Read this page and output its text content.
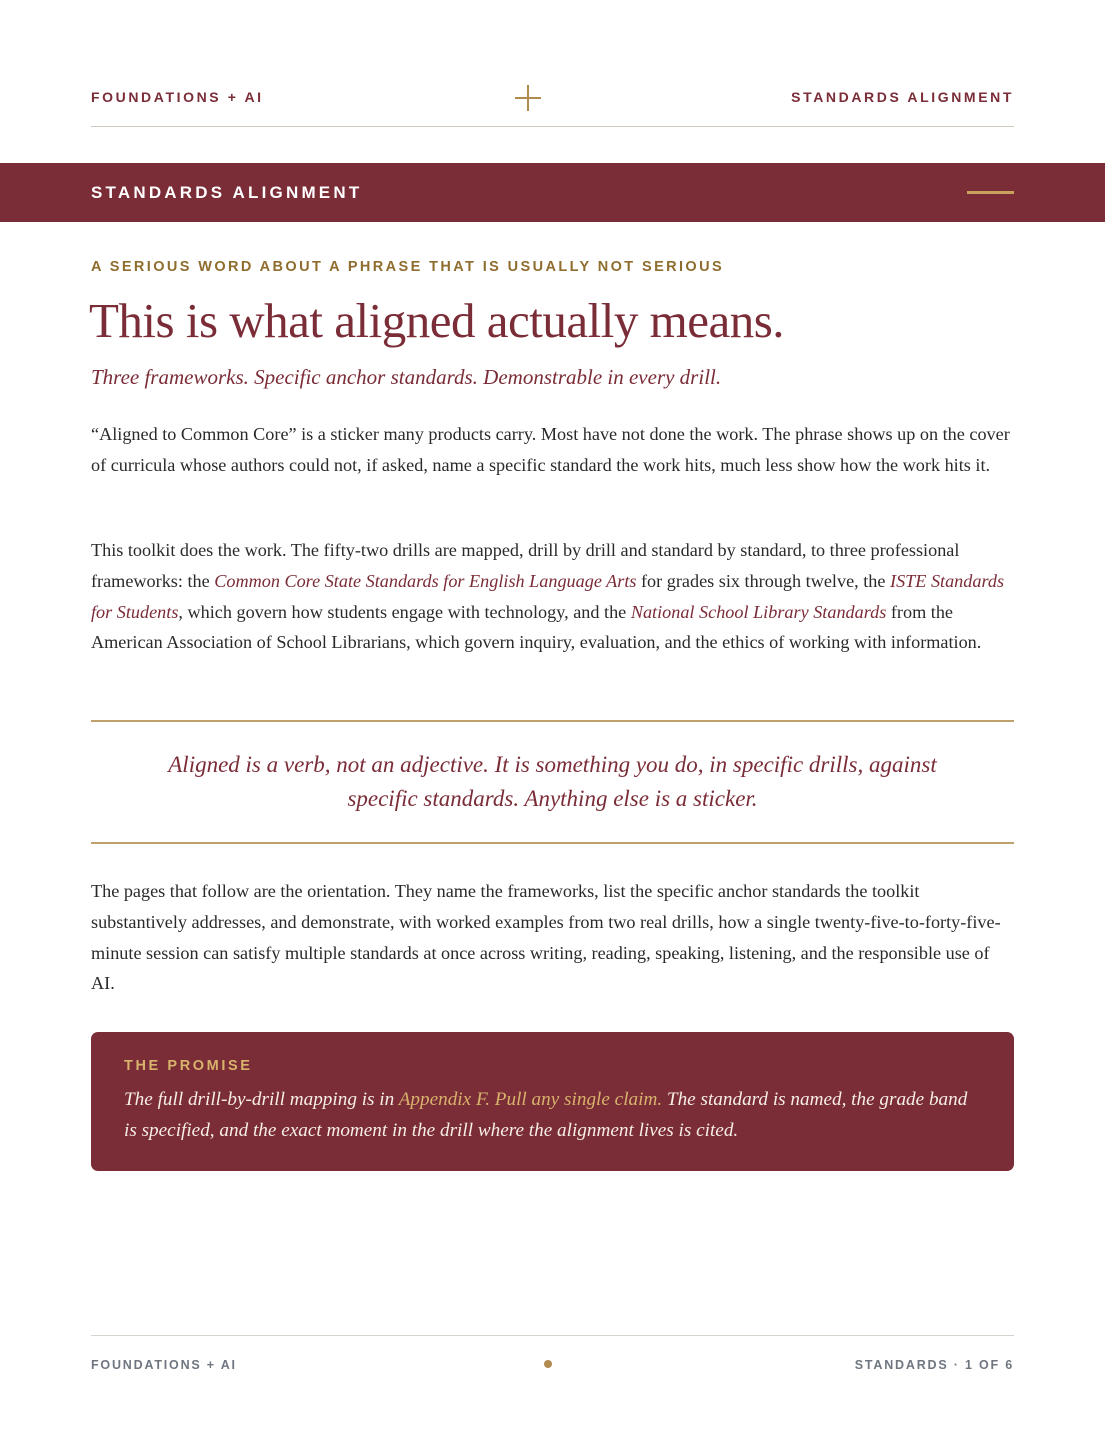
FOUNDATIONS + AI	STANDARDS ALIGNMENT
STANDARDS ALIGNMENT
A SERIOUS WORD ABOUT A PHRASE THAT IS USUALLY NOT SERIOUS
This is what aligned actually means.
Three frameworks. Specific anchor standards. Demonstrable in every drill.

“Aligned to Common Core” is a sticker many products carry. Most have not done the work. The phrase shows up on the cover of curricula whose authors could not, if asked, name a specific standard the work hits, much less show how the work hits it.

This toolkit does the work. The fifty-two drills are mapped, drill by drill and standard by standard, to three professional frameworks: the Common Core State Standards for English Language Arts for grades six through twelve, the ISTE Standards for Students, which govern how students engage with technology, and the National School Library Standards from the American Association of School Librarians, which govern inquiry, evaluation, and the ethics of working with information.

Aligned is a verb, not an adjective. It is something you do, in specific drills, against
specific standards. Anything else is a sticker.

The pages that follow are the orientation. They name the frameworks, list the specific anchor standards the toolkit substantively addresses, and demonstrate, with worked examples from two real drills, how a single twenty-five-to-forty-five-minute session can satisfy multiple standards at once across writing, reading, speaking, listening, and the responsible use of AI.

THE PROMISE
The full drill-by-drill mapping is in Appendix F. Pull any single claim. The standard is named, the grade band is specified, and the exact moment in the drill where the alignment lives is cited.
FOUNDATIONS + AI	STANDARDS · 1 OF 6
